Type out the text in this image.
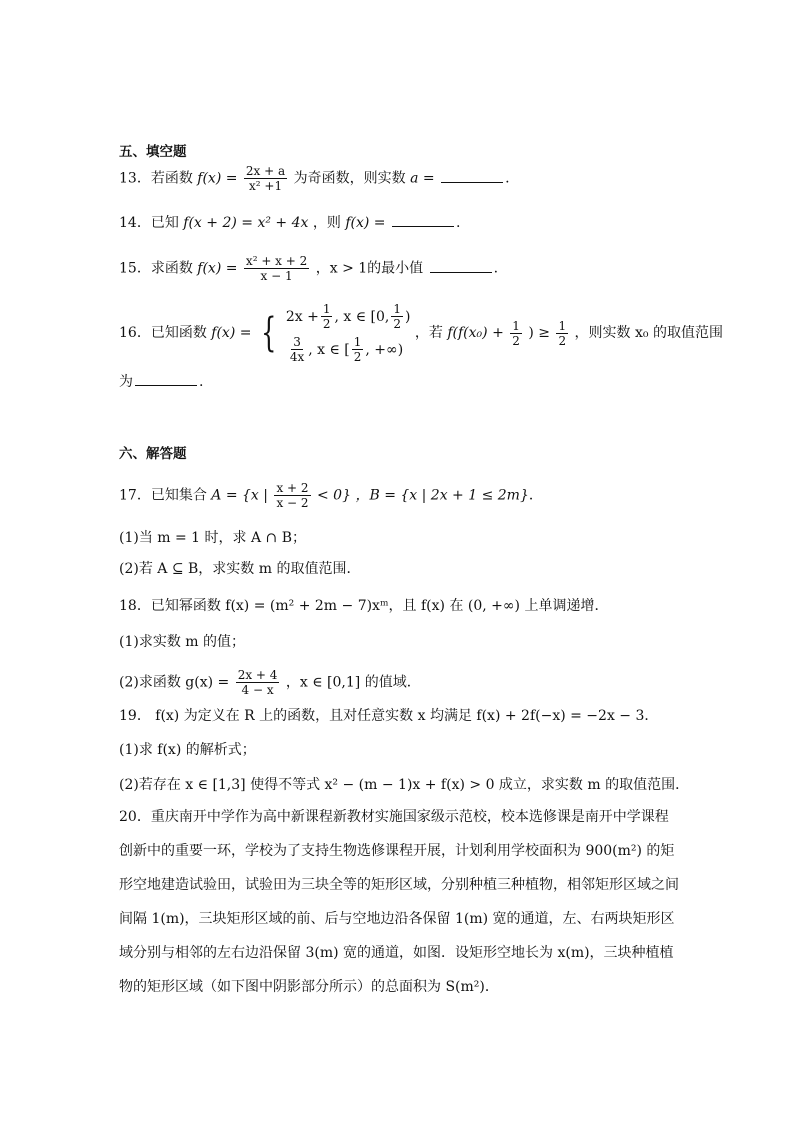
五、填空题
13．若函数 $f(x) = \frac{2x + a}{\text{x² +1}}$ 为奇函数，则实数 a =	.
14．已知 f(x + 2) = x² + 4x ，则 f(x) =	.
15．求函数 $f(x) = \frac{\text{x² + x + 2}}{x - 1}$ ，x > 1的最小值	.
16．已知函数 f(x) = { $2x + \frac{1}{2}$ , x ∈ [0, $\frac{1}{2}$ )
$\frac{3}{4x}$ , x ∈ [ $\frac{1}{2}$ , +∞)
，若 $f(f(x_0) + \frac{1}{2}$ ) ≥ $\frac{1}{2}$ ，则实数 x₀ 的取值范围
为	.
六、解答题
17．已知集合 A = {x | $\frac{x + 2}{x - 2} < 0$} ，B = {x | 2x + 1 ≤ 2m}．
(1)当 m = 1 时，求 A ∩ B；
(2)若 A ⊆ B，求实数 m 的取值范围．
18．已知幂函数 f(x) = (m² + 2m − 7)xᵐ，且 f(x) 在 (0, +∞) 上单调递增．
(1)求实数 m 的值；
(2)求函数 $g(x) = \frac{2x + 4}{4 - x}$ ，x ∈ [0,1] 的值域．
19． f(x) 为定义在 R 上的函数，且对任意实数 x 均满足 f(x) + 2f(−x) = −2x − 3．
(1)求 f(x) 的解析式；
(2)若存在 x ∈ [1,3] 使得不等式 x² − (m − 1)x + f(x) > 0 成立，求实数 m 的取值范围．
20．重庆南开中学作为高中新课程新教材实施国家级示范校，校本选修课是南开中学课程创新中的重要一环，学校为了支持生物选修课程开展，计划利用学校面积为 900(m²) 的矩形空地建造试验田，试验田为三块全等的矩形区域，分别种植三种植物，相邻矩形区域之间间隔 1(m)，三块矩形区域的前、后与空地边沿各保留 1(m) 宽的通道，左、右两块矩形区域分别与相邻的左右边沿保留 3(m) 宽的通道，如图．设矩形空地长为 x(m)，三块种植植物的矩形区域（如下图中阴影部分所示）的总面积为 S(m²)．
